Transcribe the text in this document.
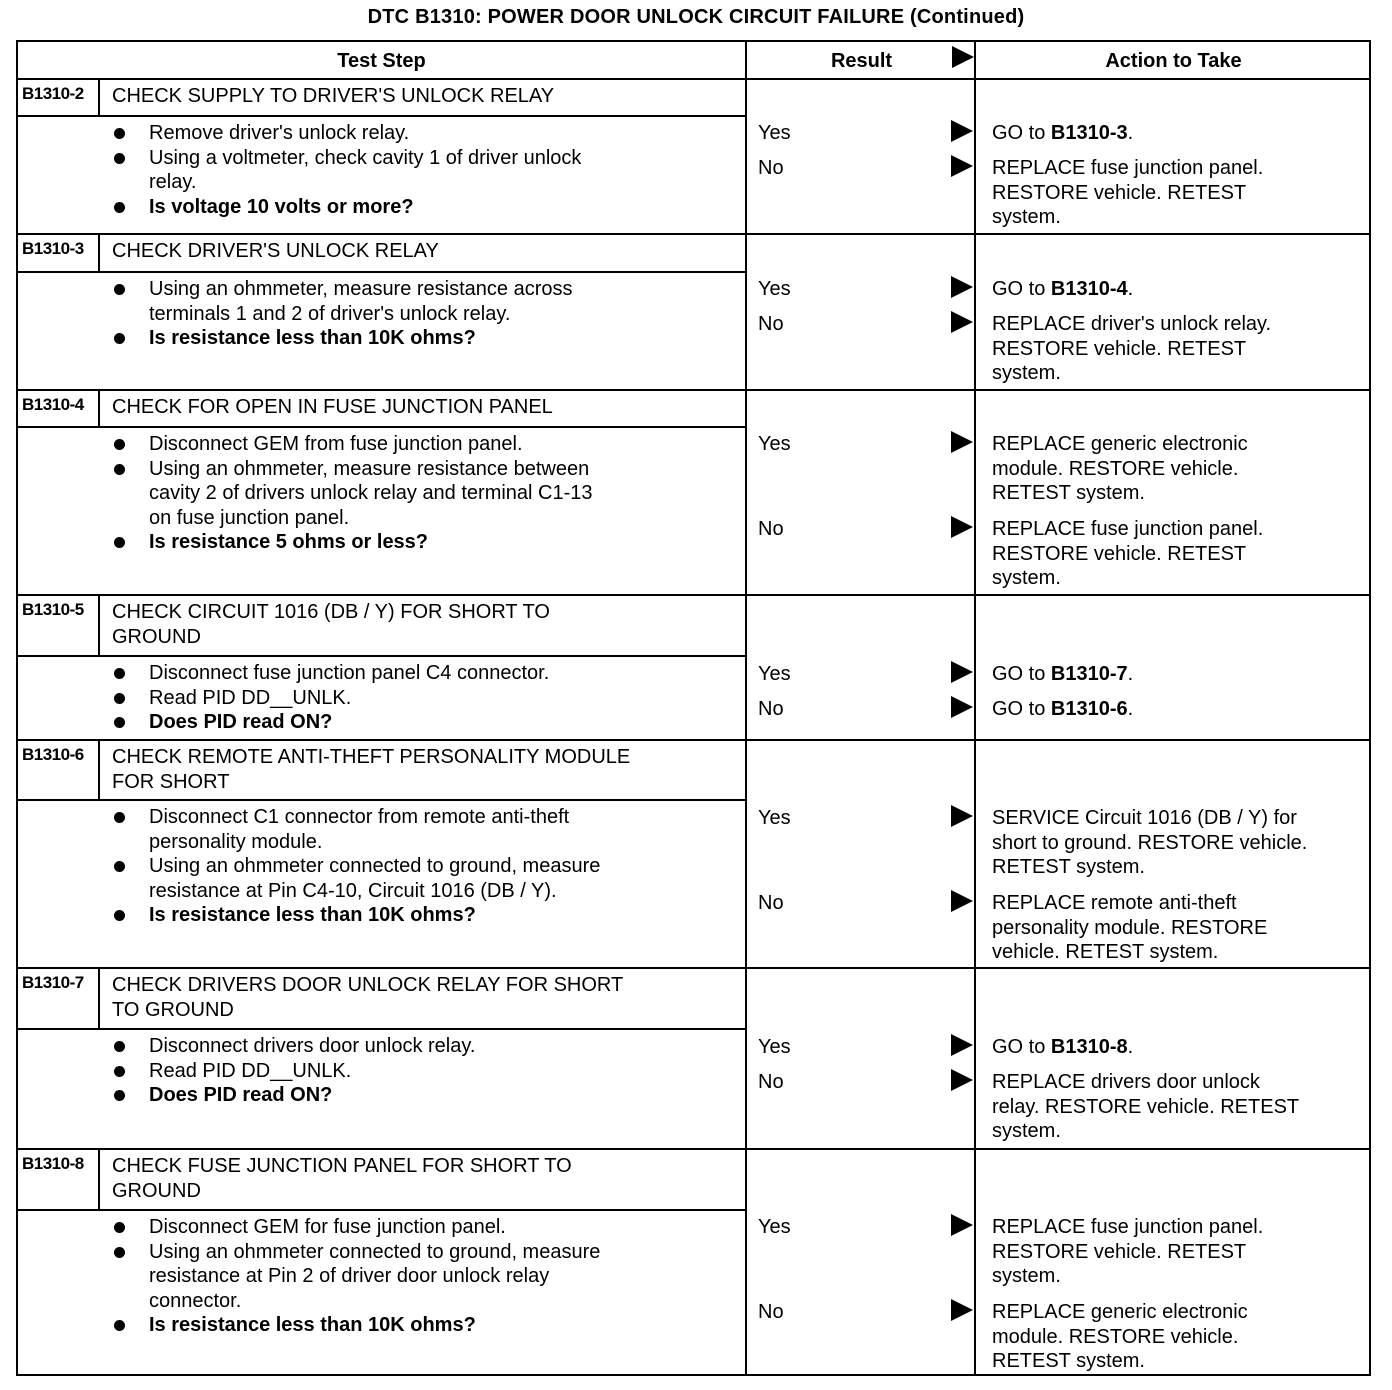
DTC B1310: POWER DOOR UNLOCK CIRCUIT FAILURE (Continued)
Test Step	Result	Action to Take
B1310-2 CHECK SUPPLY TO DRIVER'S UNLOCK RELAY
Remove driver's unlock relay.
Using a voltmeter, check cavity 1 of driver unlock
relay.
Is voltage 10 volts or more?
Yes	GO to B1310-3.
No	REPLACE fuse junction panel.
RESTORE vehicle. RETEST
system.
B1310-3 CHECK DRIVER'S UNLOCK RELAY
Using an ohmmeter, measure resistance across
terminals 1 and 2 of driver's unlock relay.
Is resistance less than 10K ohms?
Yes	GO to B1310-4.
No	REPLACE driver's unlock relay.
RESTORE vehicle. RETEST
system.
B1310-4 CHECK FOR OPEN IN FUSE JUNCTION PANEL
Disconnect GEM from fuse junction panel.
Using an ohmmeter, measure resistance between
cavity 2 of drivers unlock relay and terminal C1-13
on fuse junction panel.
Is resistance 5 ohms or less?
Yes	REPLACE generic electronic
module. RESTORE vehicle.
RETEST system.
No	REPLACE fuse junction panel.
RESTORE vehicle. RETEST
system.
B1310-5 CHECK CIRCUIT 1016 (DB / Y) FOR SHORT TO
GROUND
Disconnect fuse junction panel C4 connector.
Read PID DD__UNLK.
Does PID read ON?
Yes	GO to B1310-7.
No	GO to B1310-6.
B1310-6 CHECK REMOTE ANTI-THEFT PERSONALITY MODULE
FOR SHORT
Disconnect C1 connector from remote anti-theft
personality module.
Using an ohmmeter connected to ground, measure
resistance at Pin C4-10, Circuit 1016 (DB / Y).
Is resistance less than 10K ohms?
Yes	SERVICE Circuit 1016 (DB / Y) for
short to ground. RESTORE vehicle.
RETEST system.
No	REPLACE remote anti-theft
personality module. RESTORE
vehicle. RETEST system.
B1310-7 CHECK DRIVERS DOOR UNLOCK RELAY FOR SHORT
TO GROUND
Disconnect drivers door unlock relay.
Read PID DD__UNLK.
Does PID read ON?
Yes	GO to B1310-8.
No	REPLACE drivers door unlock
relay. RESTORE vehicle. RETEST
system.
B1310-8 CHECK FUSE JUNCTION PANEL FOR SHORT TO
GROUND
Disconnect GEM for fuse junction panel.
Using an ohmmeter connected to ground, measure
resistance at Pin 2 of driver door unlock relay
connector.
Is resistance less than 10K ohms?
Yes	REPLACE fuse junction panel.
RESTORE vehicle. RETEST
system.
No	REPLACE generic electronic
module. RESTORE vehicle.
RETEST system.
